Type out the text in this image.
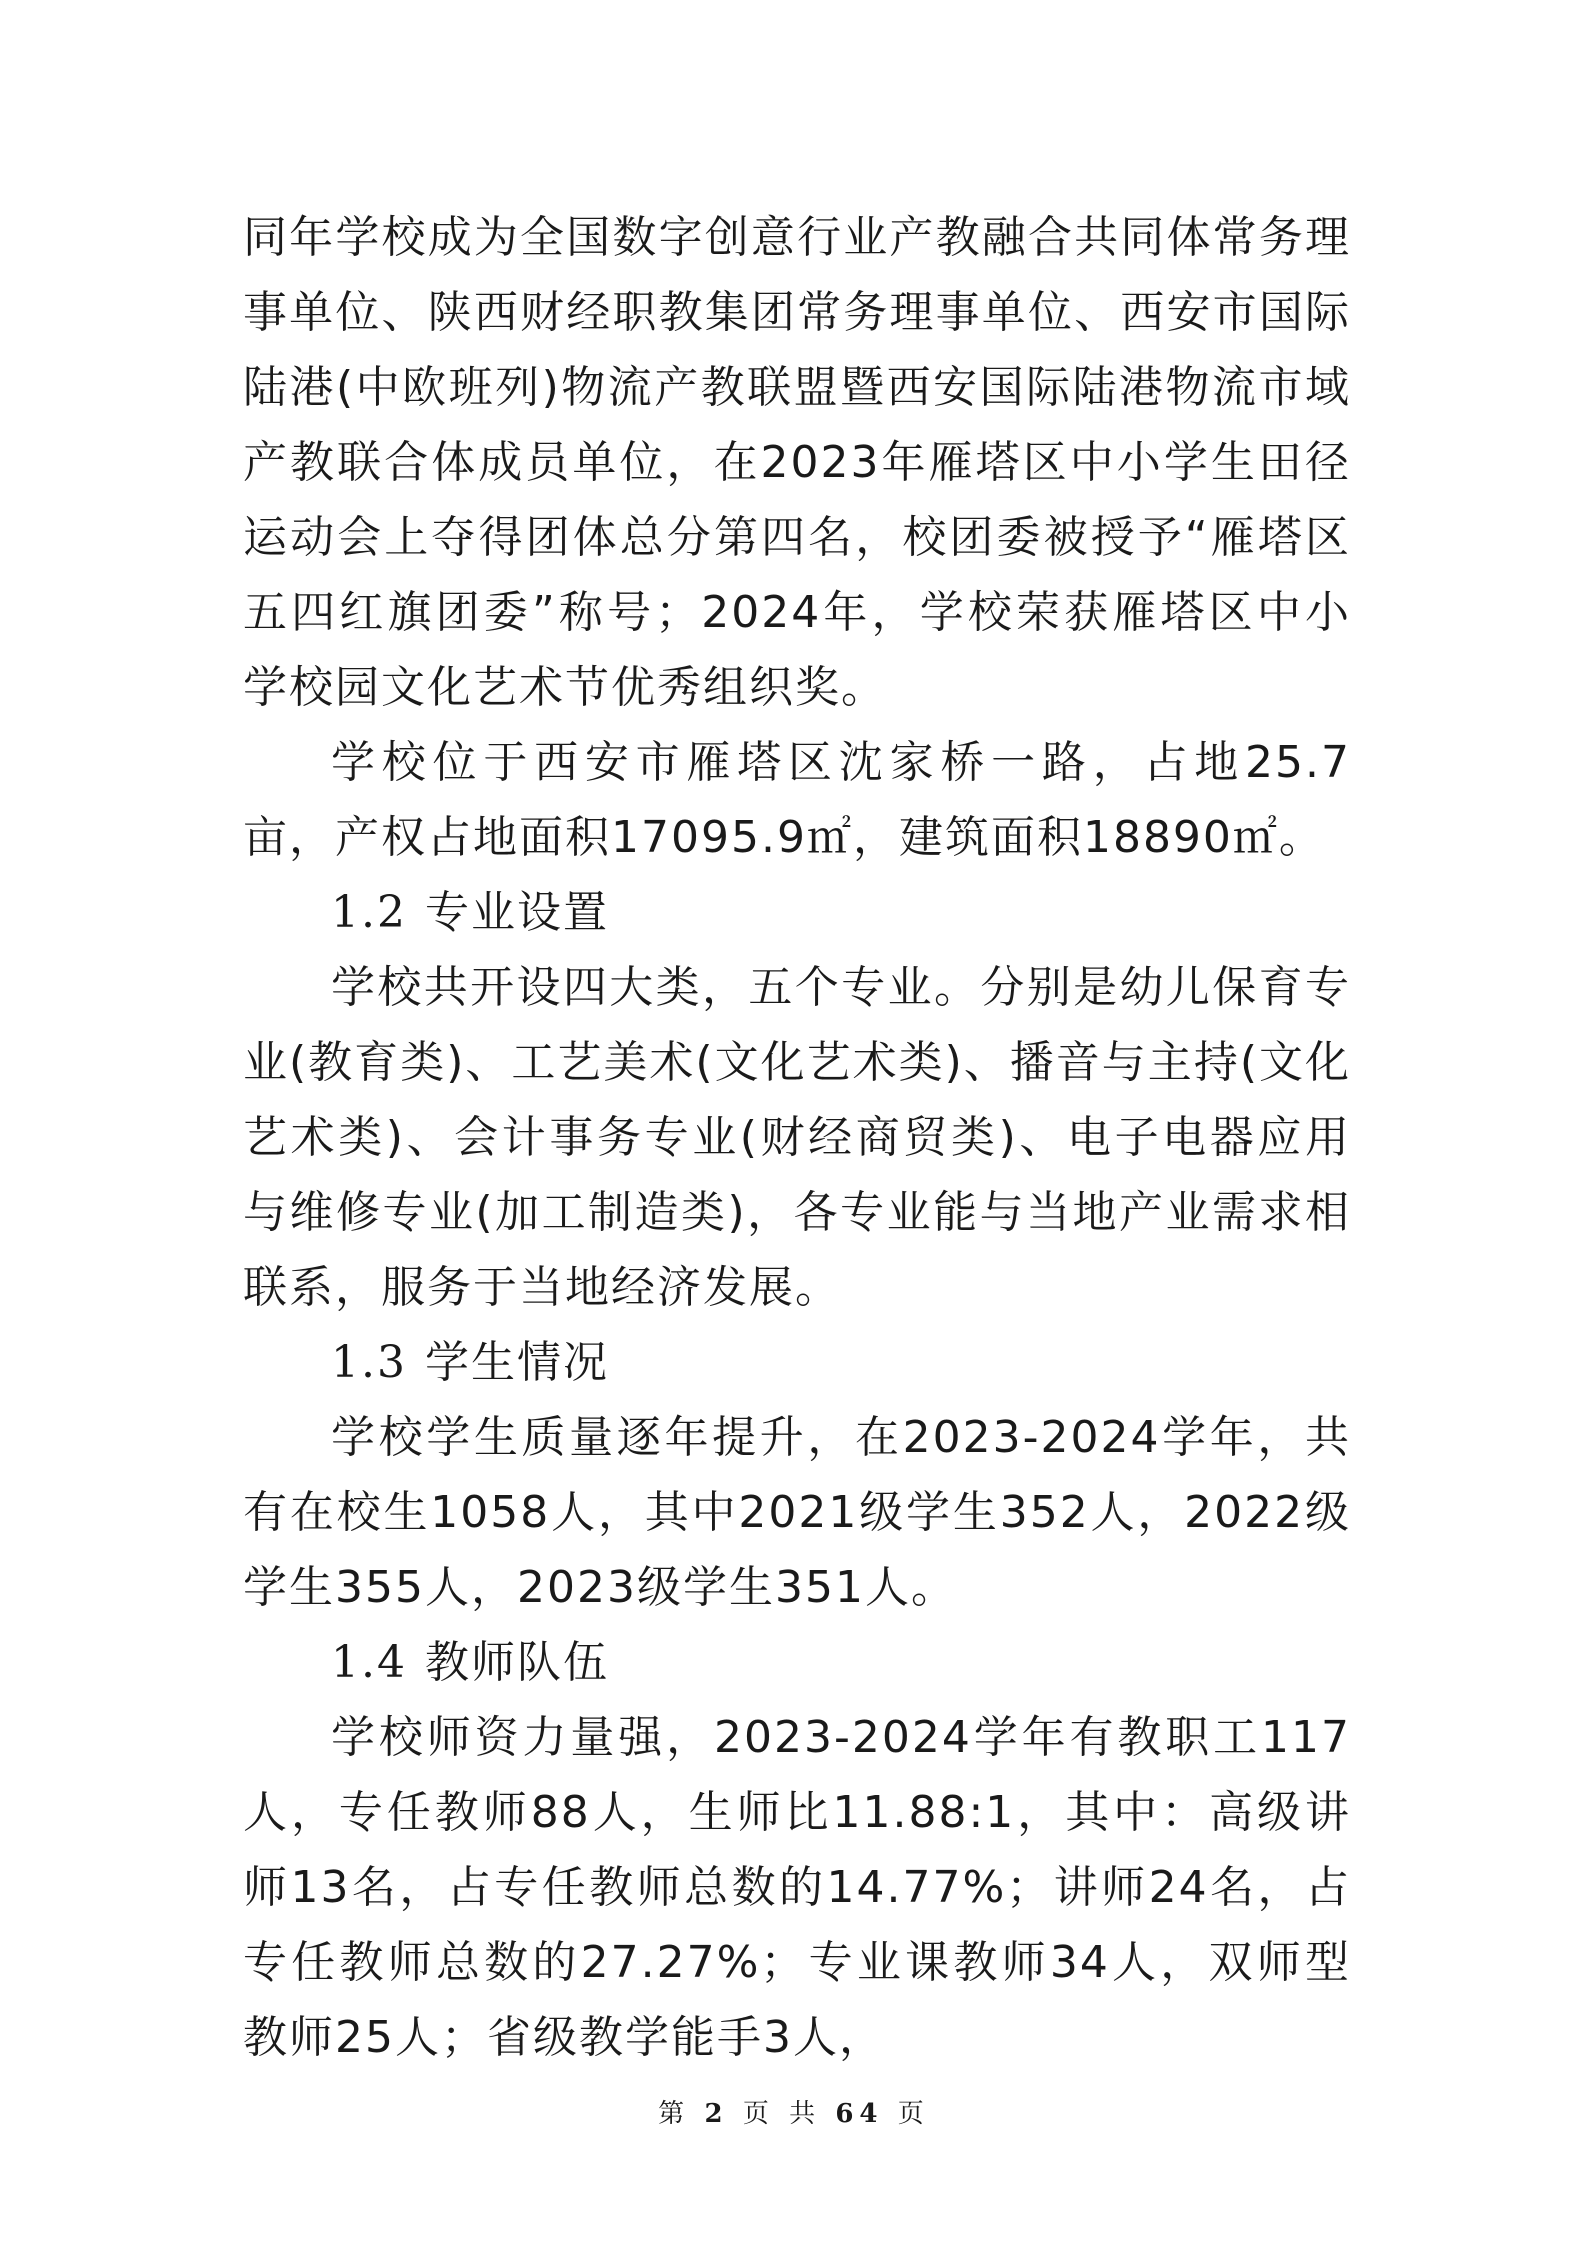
同年学校成为全国数字创意行业产教融合共同体常务理事单位、陕西财经职教集团常务理事单位、西安市国际陆港(中欧班列)物流产教联盟暨西安国际陆港物流市域产教联合体成员单位，在2023年雁塔区中小学生田径运动会上夺得团体总分第四名，校团委被授予“雁塔区五四红旗团委”称号；2024年，学校荣获雁塔区中小学校园文化艺术节优秀组织奖。

学校位于西安市雁塔区沈家桥一路，占地25.7亩，产权占地面积17095.9㎡，建筑面积18890㎡。

1.2 专业设置

学校共开设四大类，五个专业。分别是幼儿保育专业(教育类)、工艺美术(文化艺术类)、播音与主持(文化艺术类)、会计事务专业(财经商贸类)、电子电器应用与维修专业(加工制造类)，各专业能与当地产业需求相联系，服务于当地经济发展。

1.3 学生情况

学校学生质量逐年提升，在2023-2024学年，共有在校生1058人，其中2021级学生352人，2022级学生355人，2023级学生351人。

1.4 教师队伍

学校师资力量强，2023-2024学年有教职工117人，专任教师88人，生师比11.88:1，其中：高级讲师13名，占专任教师总数的14.77%；讲师24名，占专任教师总数的27.27%；专业课教师34人，双师型教师25人；省级教学能手3人，

第 2 页 共 64 页
